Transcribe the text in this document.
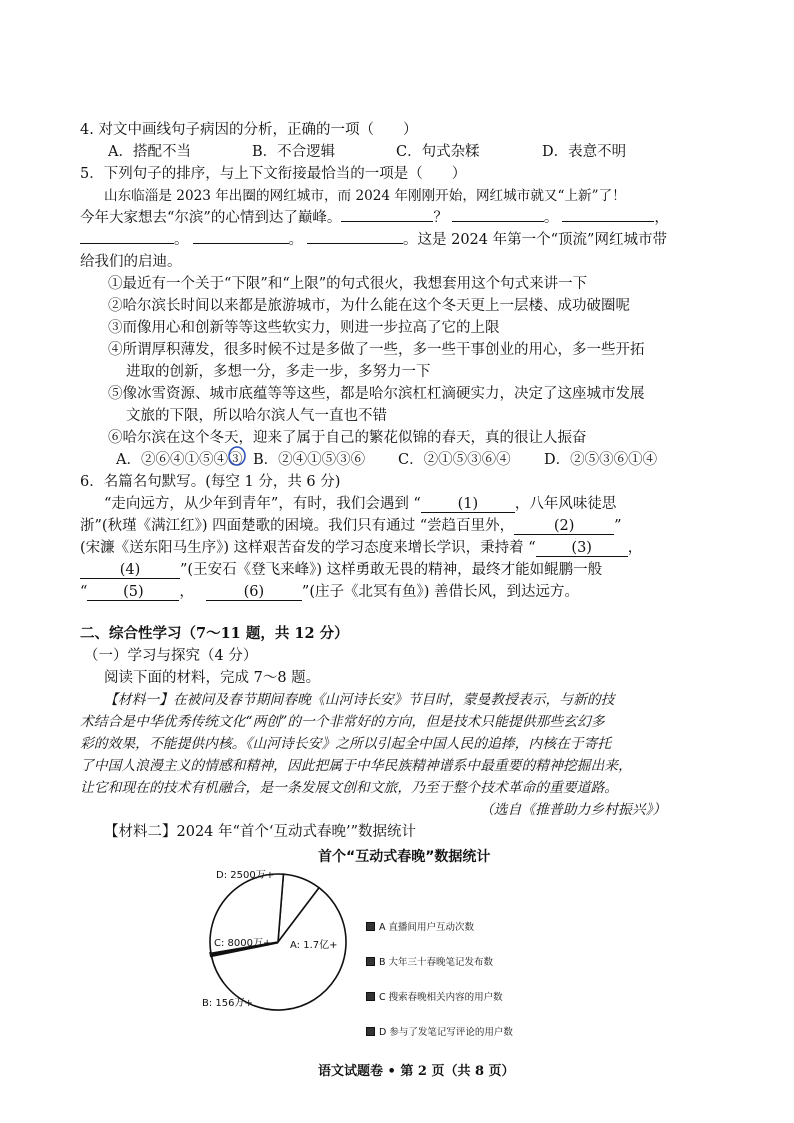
4. 对文中画线句子病因的分析，正确的一项（　　）
A．搭配不当	B．不合逻辑	C．句式杂糅	D．表意不明
5．下列句子的排序，与上下文衔接最恰当的一项是（　　）
山东临淄是 2023 年出圈的网红城市，而 2024 年刚刚开始，网红城市就又“上新”了！
今年大家想去“尔滨”的心情到达了巅峰。	？	。	，
。	。	。这是 2024 年第一个“顶流”网红城市带
给我们的启迪。
①最近有一个关于“下限”和“上限”的句式很火，我想套用这个句式来讲一下
②哈尔滨长时间以来都是旅游城市，为什么能在这个冬天更上一层楼、成功破圈呢
③而像用心和创新等等这些软实力，则进一步拉高了它的上限
④所谓厚积薄发，很多时候不过是多做了一些，多一些干事创业的用心，多一些开拓
进取的创新，多想一分，多走一步，多努力一下
⑤像冰雪资源、城市底蕴等等这些，都是哈尔滨杠杠滴硬实力，决定了这座城市发展
文旅的下限，所以哈尔滨人气一直也不错
⑥哈尔滨在这个冬天，迎来了属于自己的繁花似锦的春天，真的很让人振奋
A．②⑥④①⑤④③ B．②④①⑤③⑥ C．②①⑤③⑥④ D．②⑤③⑥①④
6．名篇名句默写。(每空 1 分，共 6 分)
“走向远方，从少年到青年”，有时，我们会遇到 “	(1)	，八年风味徒思
浙”(秋瑾《满江红》) 四面楚歌的困境。我们只有通过 “尝趋百里外，	(2)	”
(宋濂《送东阳马生序》) 这样艰苦奋发的学习态度来增长学识，秉持着 “ (3) ，
(4)	”(王安石《登飞来峰》) 这样勇敢无畏的精神，最终才能如鲲鹏一般
“ (5) ，	(6)	”(庄子《北冥有鱼》) 善借长风，到达远方。
二、综合性学习（7～11 题，共 12 分）
（一）学习与探究（4 分）
阅读下面的材料，完成 7～8 题。
【材料一】在被问及春节期间春晚《山河诗长安》节目时，蒙曼教授表示，与新的技
术结合是中华优秀传统文化“两创”的一个非常好的方向，但是技术只能提供那些玄幻多
彩的效果，不能提供内核。《山河诗长安》之所以引起全中国人民的追捧，内核在于寄托
了中国人浪漫主义的情感和精神，因此把属于中华民族精神谱系中最重要的精神挖掘出来，
让它和现在的技术有机融合，是一条发展文创和文旅，乃至于整个技术革命的重要道路。
（选自《推普助力乡村振兴》）
【材料二】2024 年“首个‘互动式春晚’”数据统计
首个“互动式春晚”数据统计
D: 2500万+
A: 1.7亿+
B: 156万+
C: 8000万+
A 直播间用户互动次数
B 大年三十春晚笔记发布数
C 搜索春晚相关内容的用户数
D 参与了发笔记写评论的用户数
语文试题卷 • 第 2 页（共 8 页）
